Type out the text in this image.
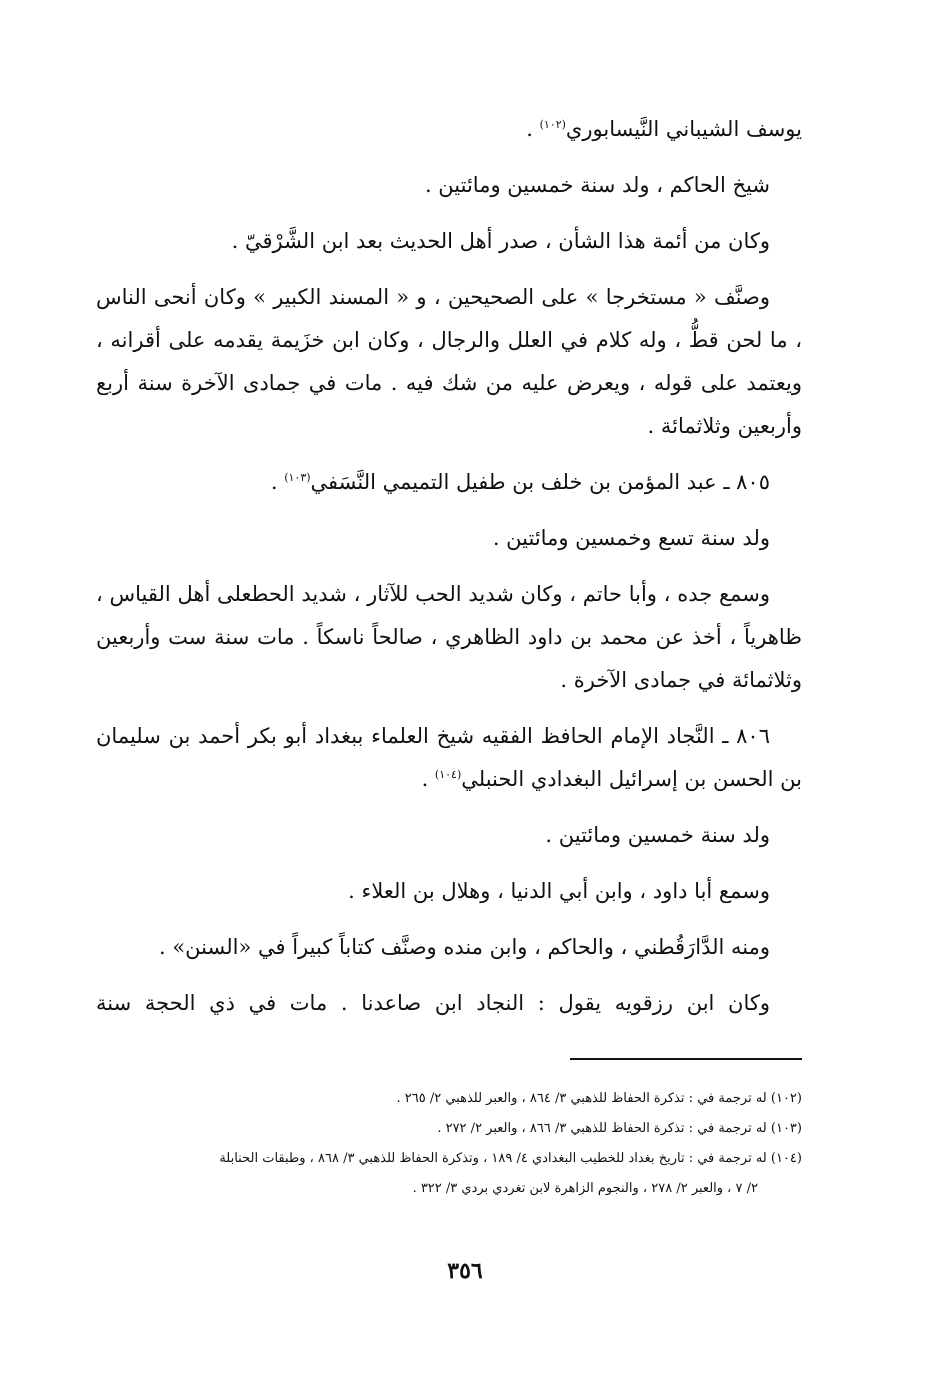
يوسف الشيباني النَّيسابوري$^{(١٠٢)}$ .

شيخ الحاكم ، ولد سنة خمسين ومائتين .

وكان من أئمة هذا الشأن ، صدر أهل الحديث بعد ابن الشَّرْقيّ .

وصنَّف « مستخرجا » على الصحيحين ، و « المسند الكبير » وكان أنحى الناس ، ما لحن قطُّ ، وله كلام في العلل والرجال ، وكان ابن خزَيمة يقدمه على أقرانه ، ويعتمد على قوله ، ويعرض عليه من شك فيه . مات في جمادى الآخرة سنة أربع وأربعين وثلاثمائة .

٨٠٥ ـ عبد المؤمن بن خلف بن طفيل التميمي النَّسَفي$^{(١٠٣)}$ .

ولد سنة تسع وخمسين ومائتين .

وسمع جده ، وأبا حاتم ، وكان شديد الحب للآثار ، شديد الحطعلى أهل القياس ، ظاهرياً ، أخذ عن محمد بن داود الظاهري ، صالحاً ناسكاً . مات سنة ست وأربعين وثلاثمائة في جمادى الآخرة .

٨٠٦ ـ النَّجاد الإمام الحافظ الفقيه شيخ العلماء ببغداد أبو بكر أحمد بن سليمان بن الحسن بن إسرائيل البغدادي الحنبلي$^{(١٠٤)}$ .

ولد سنة خمسين ومائتين .

وسمع أبا داود ، وابن أبي الدنيا ، وهلال بن العلاء .

ومنه الدَّارَقُطني ، والحاكم ، وابن منده وصنَّف كتاباً كبيراً في «السنن» .

وكان ابن رزقويه يقول : النجاد ابن صاعدنا . مات في ذي الحجة سنة

(١٠٢) له ترجمة في : تذكرة الحفاظ للذهبي ٣/ ٨٦٤ ، والعبر للذهبي ٢/ ٢٦٥ .

(١٠٣) له ترجمة في : تذكرة الحفاظ للذهبي ٣/ ٨٦٦ ، والعبر ٢/ ٢٧٢ .

(١٠٤) له ترجمة في : تاريخ بغداد للخطيب البغدادي ٤/ ١٨٩ ، وتذكرة الحفاظ للذهبي ٣/ ٨٦٨ ، وطبقات الحنابلة

٢/ ٧ ، والعبر ٢/ ٢٧٨ ، والنجوم الزاهرة لابن تغردي بردي ٣/ ٣٢٢ .

٣٥٦
